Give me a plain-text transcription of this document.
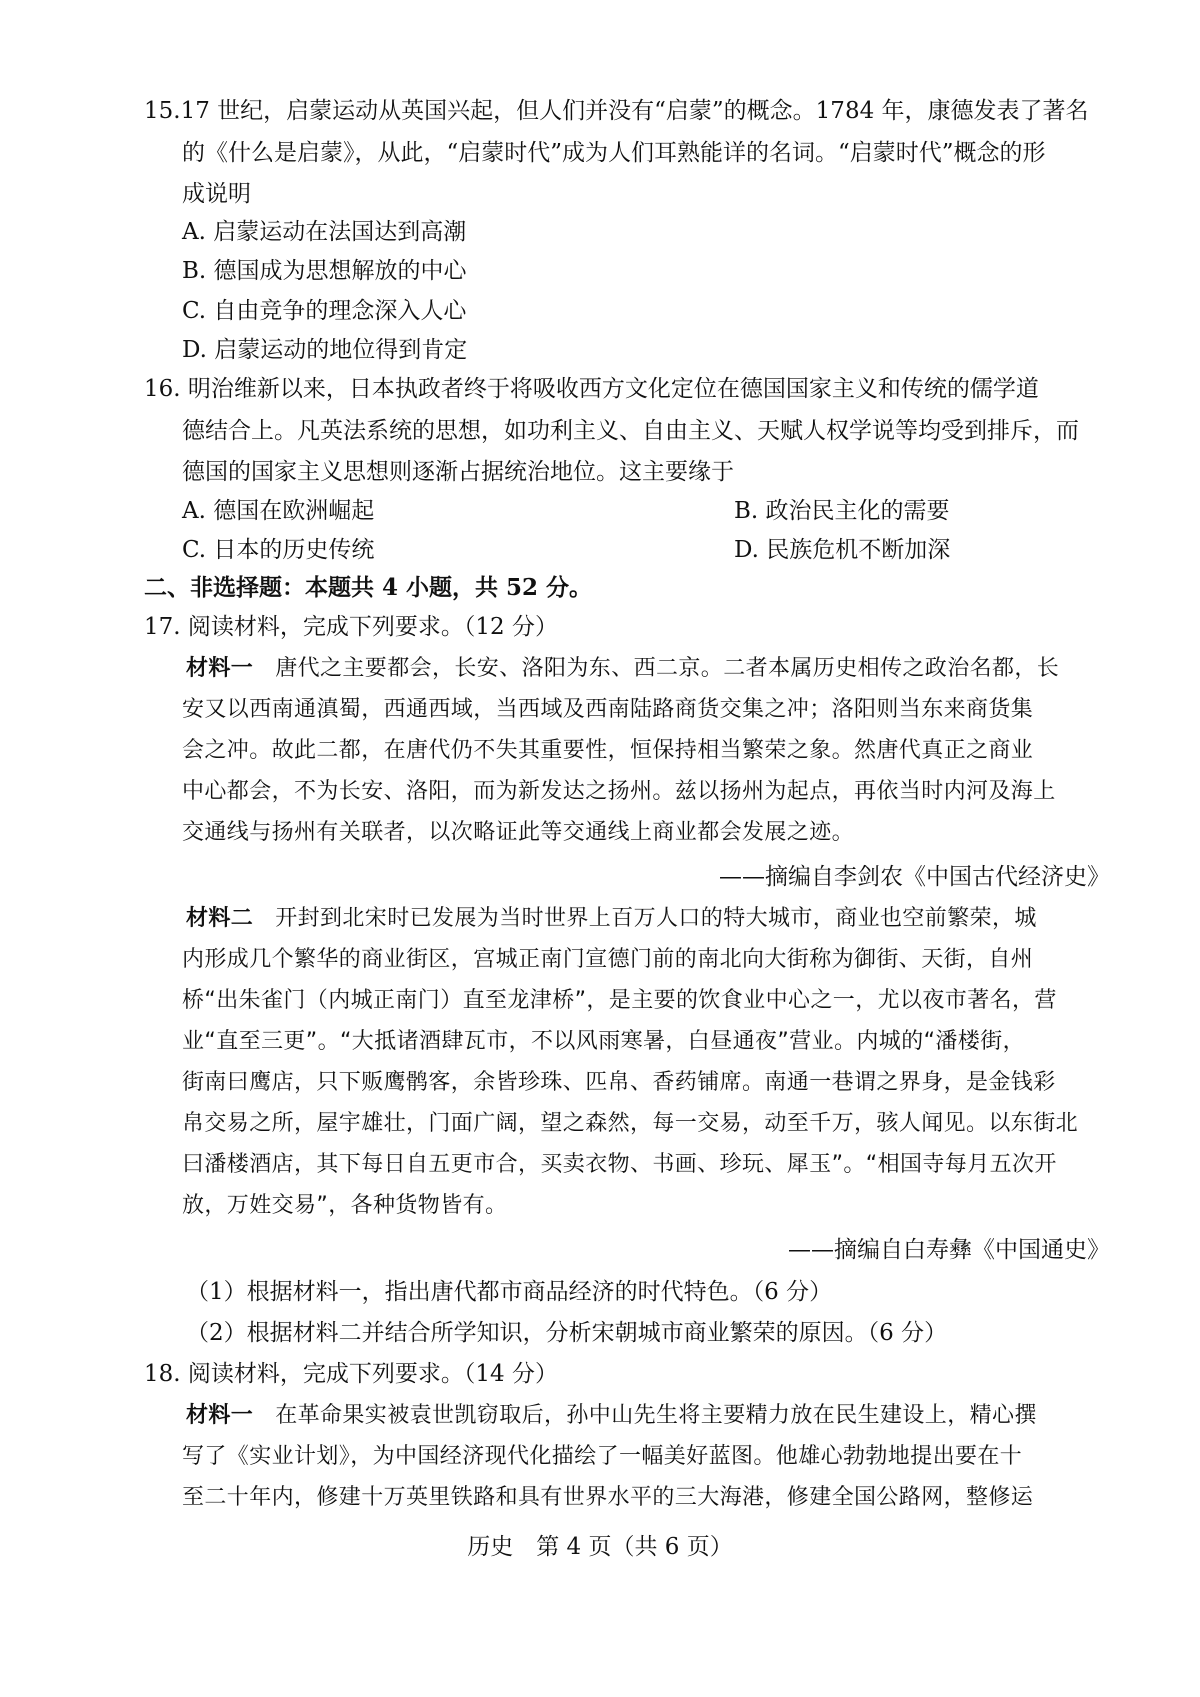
15.17 世纪，启蒙运动从英国兴起，但人们并没有“启蒙”的概念。1784 年，康德发表了著名
的《什么是启蒙》，从此，“启蒙时代”成为人们耳熟能详的名词。“启蒙时代”概念的形
成说明
A. 启蒙运动在法国达到高潮
B. 德国成为思想解放的中心
C. 自由竞争的理念深入人心
D. 启蒙运动的地位得到肯定
16. 明治维新以来，日本执政者终于将吸收西方文化定位在德国国家主义和传统的儒学道
德结合上。凡英法系统的思想，如功利主义、自由主义、天赋人权学说等均受到排斥，而
德国的国家主义思想则逐渐占据统治地位。这主要缘于
A. 德国在欧洲崛起	B. 政治民主化的需要
C. 日本的历史传统	D. 民族危机不断加深
二、非选择题：本题共 4 小题，共 52 分。
17. 阅读材料，完成下列要求。（12 分）
材料一 唐代之主要都会，长安、洛阳为东、西二京。二者本属历史相传之政治名都，长
安又以西南通滇蜀，西通西域，当西域及西南陆路商货交集之冲；洛阳则当东来商货集
会之冲。故此二都，在唐代仍不失其重要性，恒保持相当繁荣之象。然唐代真正之商业
中心都会，不为长安、洛阳，而为新发达之扬州。兹以扬州为起点，再依当时内河及海上
交通线与扬州有关联者，以次略证此等交通线上商业都会发展之迹。
——摘编自李剑农《中国古代经济史》
材料二 开封到北宋时已发展为当时世界上百万人口的特大城市，商业也空前繁荣，城
内形成几个繁华的商业街区，宫城正南门宣德门前的南北向大街称为御街、天街，自州
桥“出朱雀门（内城正南门）直至龙津桥”，是主要的饮食业中心之一，尤以夜市著名，营
业“直至三更”。“大抵诸酒肆瓦市，不以风雨寒暑，白昼通夜”营业。内城的“潘楼街，
街南曰鹰店，只下贩鹰鹘客，余皆珍珠、匹帛、香药铺席。南通一巷谓之界身，是金钱彩
帛交易之所，屋宇雄壮，门面广阔，望之森然，每一交易，动至千万，骇人闻见。以东街北
曰潘楼酒店，其下每日自五更市合，买卖衣物、书画、珍玩、犀玉”。“相国寺每月五次开
放，万姓交易”，各种货物皆有。
——摘编自白寿彝《中国通史》
（1）根据材料一，指出唐代都市商品经济的时代特色。（6 分）
（2）根据材料二并结合所学知识，分析宋朝城市商业繁荣的原因。（6 分）
18. 阅读材料，完成下列要求。（14 分）
材料一 在革命果实被袁世凯窃取后，孙中山先生将主要精力放在民生建设上，精心撰
写了《实业计划》，为中国经济现代化描绘了一幅美好蓝图。他雄心勃勃地提出要在十
至二十年内，修建十万英里铁路和具有世界水平的三大海港，修建全国公路网，整修运
历史　第 4 页（共 6 页）
